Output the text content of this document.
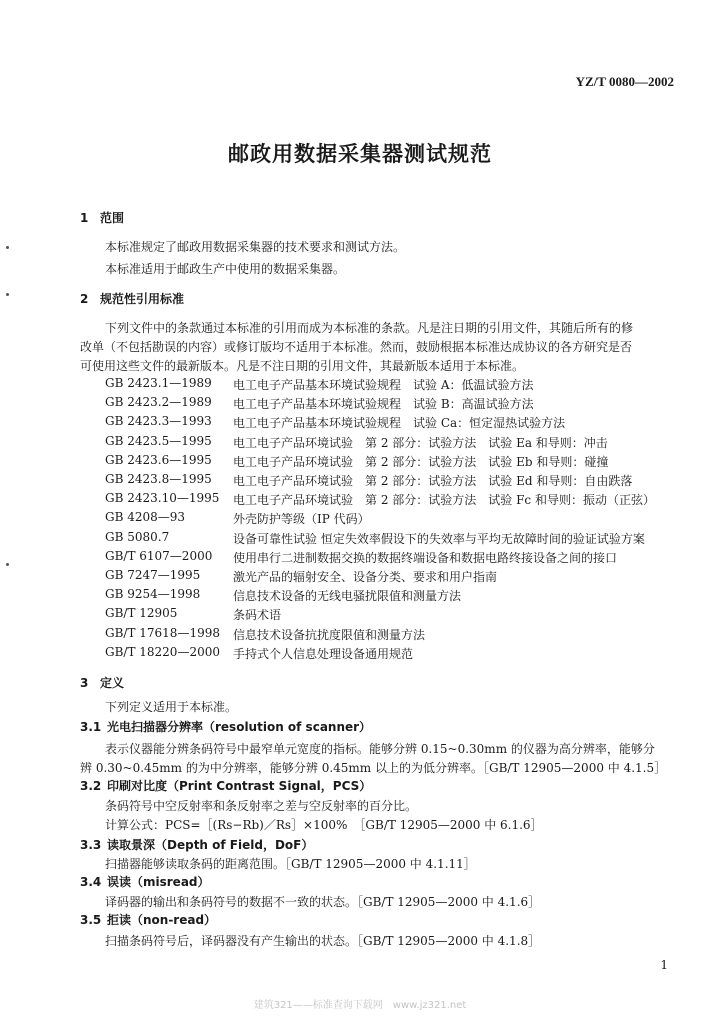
YZ/T 0080—2002
邮政用数据采集器测试规范
1 范围
本标准规定了邮政用数据采集器的技术要求和测试方法。
本标准适用于邮政生产中使用的数据采集器。
2 规范性引用标准
下列文件中的条款通过本标准的引用而成为本标准的条款。凡是注日期的引用文件，其随后所有的修
改单（不包括勘误的内容）或修订版均不适用于本标准。然而，鼓励根据本标准达成协议的各方研究是否
可使用这些文件的最新版本。凡是不注日期的引用文件，其最新版本适用于本标准。
GB 2423.1—1989 电工电子产品基本环境试验规程　试验 A：低温试验方法
GB 2423.2—1989 电工电子产品基本环境试验规程　试验 B：高温试验方法
GB 2423.3—1993 电工电子产品基本环境试验规程　试验 Ca：恒定湿热试验方法
GB 2423.5—1995 电工电子产品环境试验　第 2 部分：试验方法　试验 Ea 和导则：冲击
GB 2423.6—1995 电工电子产品环境试验　第 2 部分：试验方法　试验 Eb 和导则：碰撞
GB 2423.8—1995 电工电子产品环境试验　第 2 部分：试验方法　试验 Ed 和导则：自由跌落
GB 2423.10—1995 电工电子产品环境试验　第 2 部分：试验方法　试验 Fc 和导则：振动（正弦）
GB 4208—93	外壳防护等级（IP 代码）
GB 5080.7	设备可靠性试验 恒定失效率假设下的失效率与平均无故障时间的验证试验方案
GB/T 6107—2000 使用串行二进制数据交换的数据终端设备和数据电路终接设备之间的接口
GB 7247—1995	激光产品的辐射安全、设备分类、要求和用户指南
GB 9254—1998	信息技术设备的无线电骚扰限值和测量方法
GB/T 12905	条码术语
GB/T 17618—1998 信息技术设备抗扰度限值和测量方法
GB/T 18220—2000 手持式个人信息处理设备通用规范
3 定义
下列定义适用于本标准。
3.1 光电扫描器分辨率（resolution of scanner）
表示仪器能分辨条码符号中最窄单元宽度的指标。能够分辨 0.15~0.30mm 的仪器为高分辨率，能够分
辨 0.30~0.45mm 的为中分辨率，能够分辨 0.45mm 以上的为低分辨率。［GB/T 12905—2000 中 4.1.5］
3.2 印刷对比度（Print Contrast Signal，PCS）
条码符号中空反射率和条反射率之差与空反射率的百分比。
计算公式：PCS=［(Rs−Rb)／Rs］×100%　［GB/T 12905—2000 中 6.1.6］
3.3 读取景深（Depth of Field，DoF）
扫描器能够读取条码的距离范围。［GB/T 12905—2000 中 4.1.11］
3.4 误读（misread）
译码器的输出和条码符号的数据不一致的状态。［GB/T 12905—2000 中 4.1.6］
3.5 拒读（non-read）
扫描条码符号后，译码器没有产生输出的状态。［GB/T 12905—2000 中 4.1.8］
1
建筑321——标准查询下载网　www.jz321.net
